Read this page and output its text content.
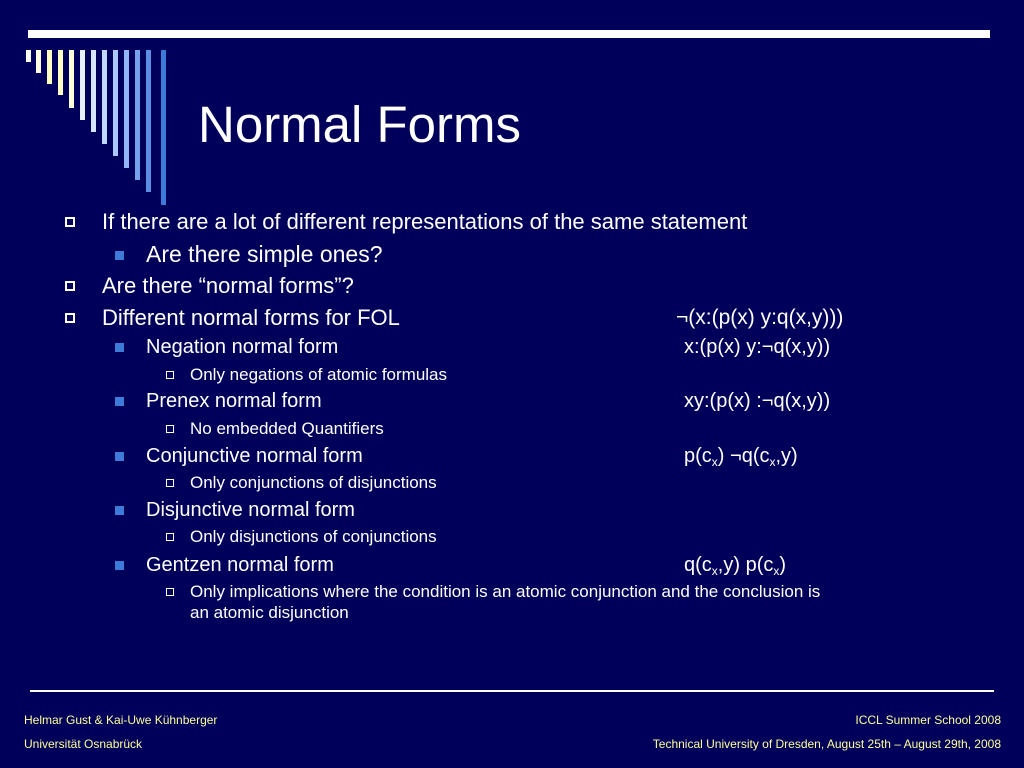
Normal Forms
If there are a lot of different representations of the same statement
Are there simple ones?
Are there “normal forms”?
Different normal forms for FOL	¬(x:(p(x) y:q(x,y)))
Negation normal form	x:(p(x) y:¬q(x,y))
Only negations of atomic formulas
Prenex normal form	xy:(p(x) :¬q(x,y))
No embedded Quantifiers
Conjunctive normal form	$p(c_x)$ $\neg q(c_x,y)$
Only conjunctions of disjunctions
Disjunctive normal form
Only disjunctions of conjunctions
Gentzen normal form	$q(c_x,y)$ $p(c_x)$
Only implications where the condition is an atomic conjunction and the conclusion is
an atomic disjunction
Helmar Gust & Kai-Uwe Kühnberger
Universität Osnabrück
ICCL Summer School 2008
Technical University of Dresden, August 25th – August 29th, 2008
